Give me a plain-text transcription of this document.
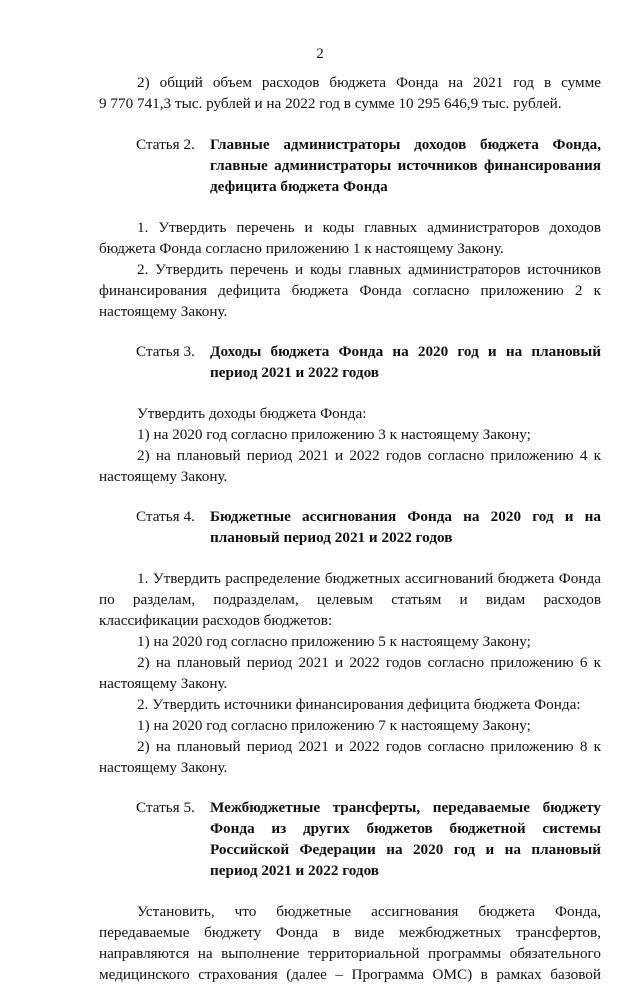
2

2) общий объем расходов бюджета Фонда на 2021 год в сумме

9 770 741,3 тыс. рублей и на 2022 год в сумме 10 295 646,9 тыс. рублей.

Статья 2. Главные администраторы доходов бюджета Фонда, главные администраторы источников финансирования дефицита бюджета Фонда

1. Утвердить перечень и коды главных администраторов доходов бюджета Фонда согласно приложению 1 к настоящему Закону.

2. Утвердить перечень и коды главных администраторов источников финансирования дефицита бюджета Фонда согласно приложению 2 к настоящему Закону.

Статья 3. Доходы бюджета Фонда на 2020 год и на плановый период 2021 и 2022 годов

Утвердить доходы бюджета Фонда:

1) на 2020 год согласно приложению 3 к настоящему Закону;

2) на плановый период 2021 и 2022 годов согласно приложению 4 к настоящему Закону.

Статья 4. Бюджетные ассигнования Фонда на 2020 год и на плановый период 2021 и 2022 годов

1. Утвердить распределение бюджетных ассигнований бюджета Фонда по разделам, подразделам, целевым статьям и видам расходов классификации расходов бюджетов:

1) на 2020 год согласно приложению 5 к настоящему Закону;

2) на плановый период 2021 и 2022 годов согласно приложению 6 к настоящему Закону.

2. Утвердить источники финансирования дефицита бюджета Фонда:

1) на 2020 год согласно приложению 7 к настоящему Закону;

2) на плановый период 2021 и 2022 годов согласно приложению 8 к настоящему Закону.

Статья 5. Межбюджетные трансферты, передаваемые бюджету Фонда из других бюджетов бюджетной системы Российской Федерации на 2020 год и на плановый период 2021 и 2022 годов

Установить, что бюджетные ассигнования бюджета Фонда, передаваемые бюджету Фонда в виде межбюджетных трансфертов, направляются на выполнение территориальной программы обязательного медицинского страхования (далее – Программа ОМС) в рамках базовой
